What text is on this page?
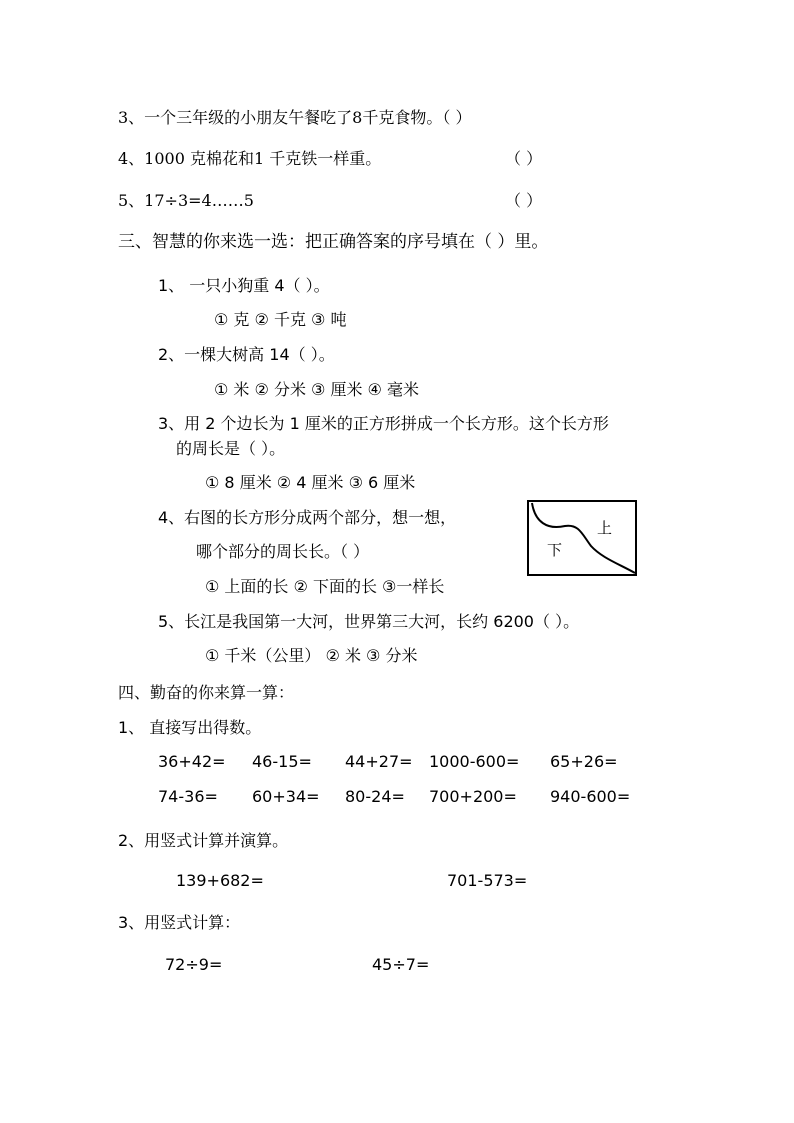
3、一个三年级的小朋友午餐吃了8千克食物。（ ）
4、1000 克棉花和1 千克铁一样重。	（ ）
5、17÷3=4……5	（ ）
三、智慧的你来选一选：把正确答案的序号填在（ ）里。
1、 一只小狗重 4（ ）。
① 克 ② 千克 ③ 吨
2、一棵大树高 14（ ）。
① 米 ② 分米 ③ 厘米 ④ 毫米
3、用 2 个边长为 1 厘米的正方形拼成一个长方形。这个长方形
的周长是（ ）。
① 8 厘米 ② 4 厘米 ③ 6 厘米
4、右图的长方形分成两个部分，想一想，
哪个部分的周长长。（ ）
① 上面的长 ② 下面的长 ③一样长
上
下
5、长江是我国第一大河，世界第三大河，长约 6200（ ）。
① 千米（公里） ② 米 ③ 分米
四、勤奋的你来算一算：
1、 直接写出得数。
36+42= 46-15= 44+27= 1000-600= 65+26=
74-36= 60+34= 80-24= 700+200= 940-600=
2、用竖式计算并演算。
139+682=	701-573=
3、用竖式计算：
72÷9=	45÷7=
